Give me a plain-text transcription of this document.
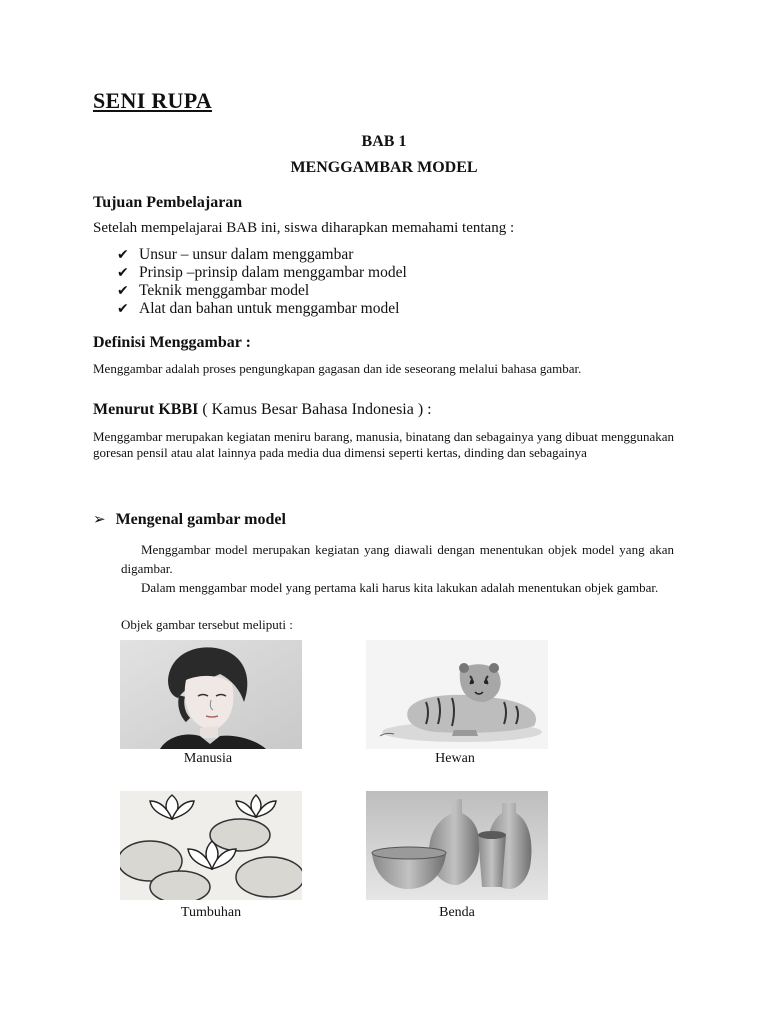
SENI RUPA
BAB 1
MENGGAMBAR MODEL
Tujuan Pembelajaran
Setelah mempelajarai BAB ini, siswa diharapkan memahami tentang :
✔ Unsur – unsur dalam menggambar
✔ Prinsip –prinsip dalam menggambar model
✔ Teknik menggambar model
✔ Alat dan bahan untuk menggambar model
Definisi Menggambar :
Menggambar adalah proses pengungkapan gagasan dan ide seseorang melalui bahasa gambar.
Menurut KBBI ( Kamus Besar Bahasa Indonesia ) :
Menggambar merupakan kegiatan meniru barang, manusia, binatang dan sebagainya yang dibuat menggunakan goresan pensil atau alat lainnya pada media dua dimensi seperti kertas, dinding dan sebagainya
➢ Mengenal gambar model
Menggambar model merupakan kegiatan yang diawali dengan menentukan objek model yang akan digambar.
Dalam menggambar model yang pertama kali harus kita lakukan adalah menentukan objek gambar.
Objek gambar tersebut meliputi :
Manusia	Hewan
Tumbuhan	Benda
